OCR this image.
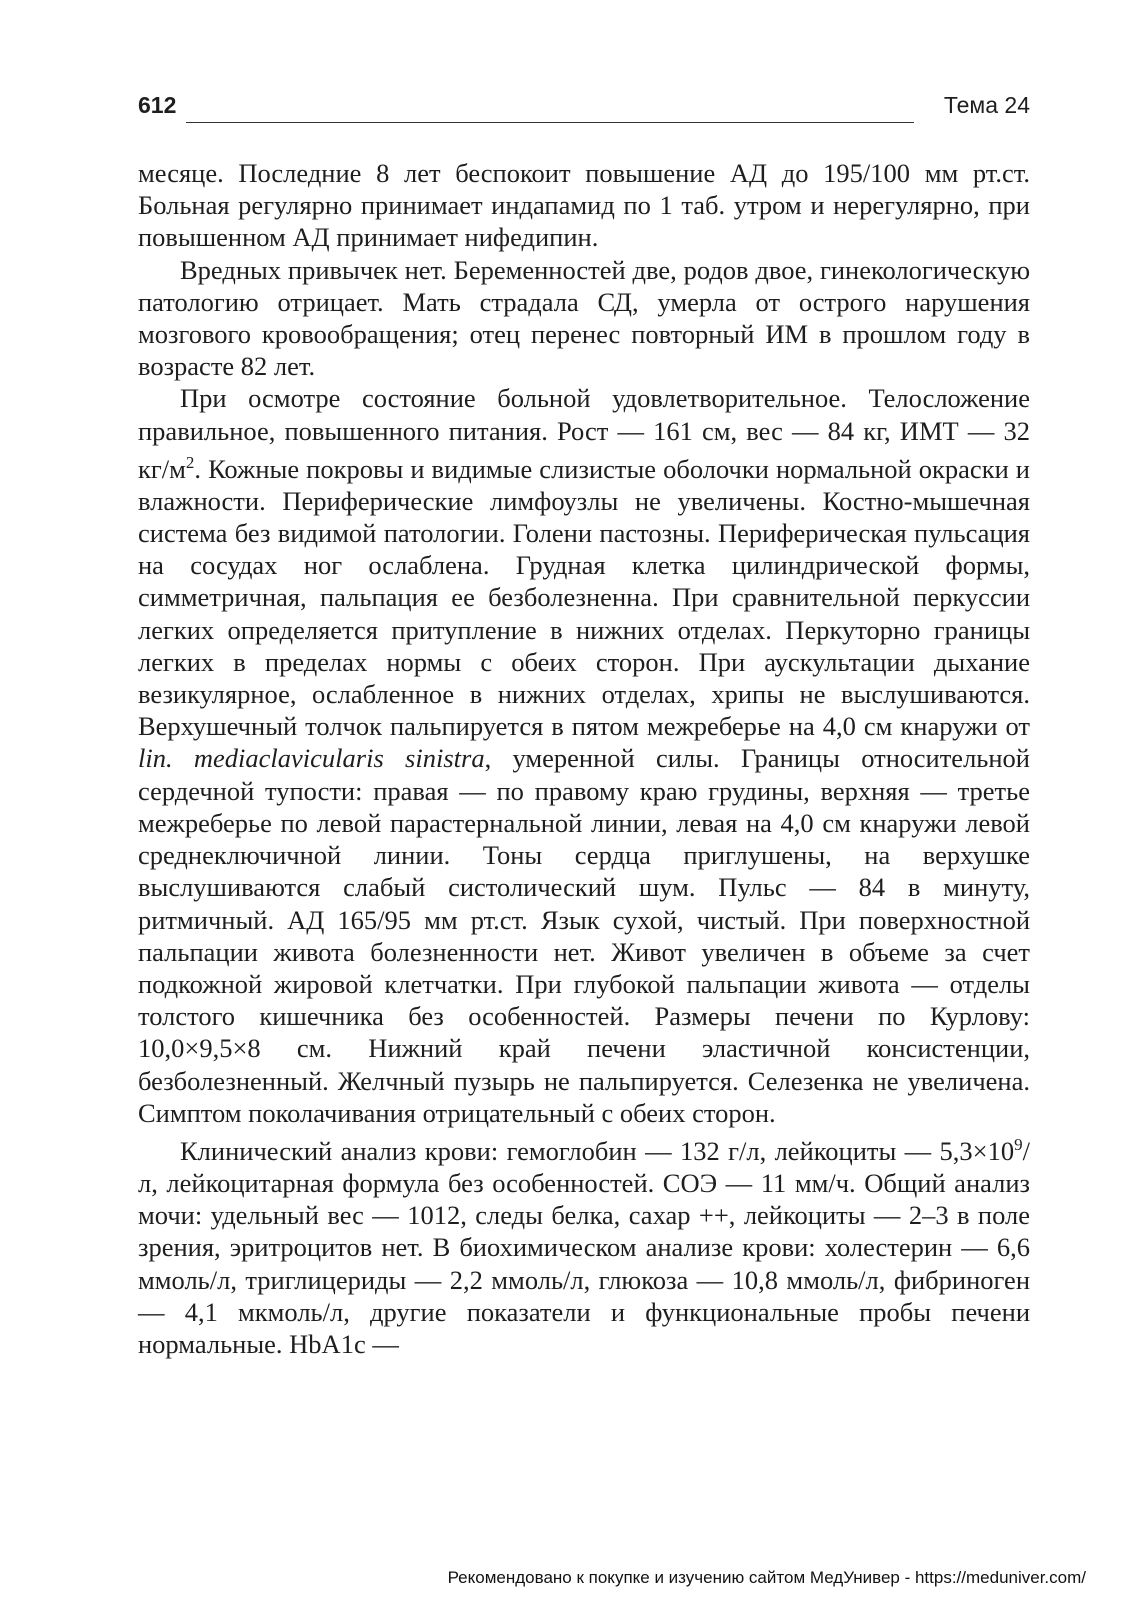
612	Тема 24

месяце. Последние 8 лет беспокоит повышение АД до 195/100 мм рт.ст. Больная регулярно принимает индапамид по 1 таб. утром и нерегулярно, при повышенном АД принимает нифедипин.

Вредных привычек нет. Беременностей две, родов двое, гинекологическую патологию отрицает. Мать страдала СД, умерла от острого нарушения мозгового кровообращения; отец перенес повторный ИМ в прошлом году в возрасте 82 лет.

При осмотре состояние больной удовлетворительное. Телосложение правильное, повышенного питания. Рост — 161 см, вес — 84 кг, ИМТ — 32 $кг/м^2$. Кожные покровы и видимые слизистые оболочки нормальной окраски и влажности. Периферические лимфоузлы не увеличены. Костно-мышечная система без видимой патологии. Голени пастозны. Периферическая пульсация на сосудах ног ослаблена. Грудная клетка цилиндрической формы, симметричная, пальпация ее безболезненна. При сравнительной перкуссии легких определяется притупление в нижних отделах. Перкуторно границы легких в пределах нормы с обеих сторон. При аускультации дыхание везикулярное, ослабленное в нижних отделах, хрипы не выслушиваются. Верхушечный толчок пальпируется в пятом межреберье на 4,0 см кнаружи от lin. mediaclavicularis sinistra, умеренной силы. Границы относительной сердечной тупости: правая — по правому краю грудины, верхняя — третье межреберье по левой парастернальной линии, левая на 4,0 см кнаружи левой среднеключичной линии. Тоны сердца приглушены, на верхушке выслушиваются слабый систолический шум. Пульс — 84 в минуту, ритмичный. АД 165/95 мм рт.ст. Язык сухой, чистый. При поверхностной пальпации живота болезненности нет. Живот увеличен в объеме за счет подкожной жировой клетчатки. При глубокой пальпации живота — отделы толстого кишечника без особенностей. Размеры печени по Курлову: 10,0×9,5×8 см. Нижний край печени эластичной консистенции, безболезненный. Желчный пузырь не пальпируется. Селезенка не увеличена. Симптом поколачивания отрицательный с обеих сторон.

Клинический анализ крови: гемоглобин — 132 г/л, лейкоциты — $5,3\times 10^9/л$, лейкоцитарная формула без особенностей. СОЭ — 11 мм/ч. Общий анализ мочи: удельный вес — 1012, следы белка, сахар ++, лейкоциты — 2–3 в поле зрения, эритроцитов нет. В биохимическом анализе крови: холестерин — 6,6 ммоль/л, триглицериды — 2,2 ммоль/л, глюкоза — 10,8 ммоль/л, фибриноген — 4,1 мкмоль/л, другие показатели и функциональные пробы печени нормальные. HbA1c —

Рекомендовано к покупке и изучению сайтом МедУнивер - https://meduniver.com/
